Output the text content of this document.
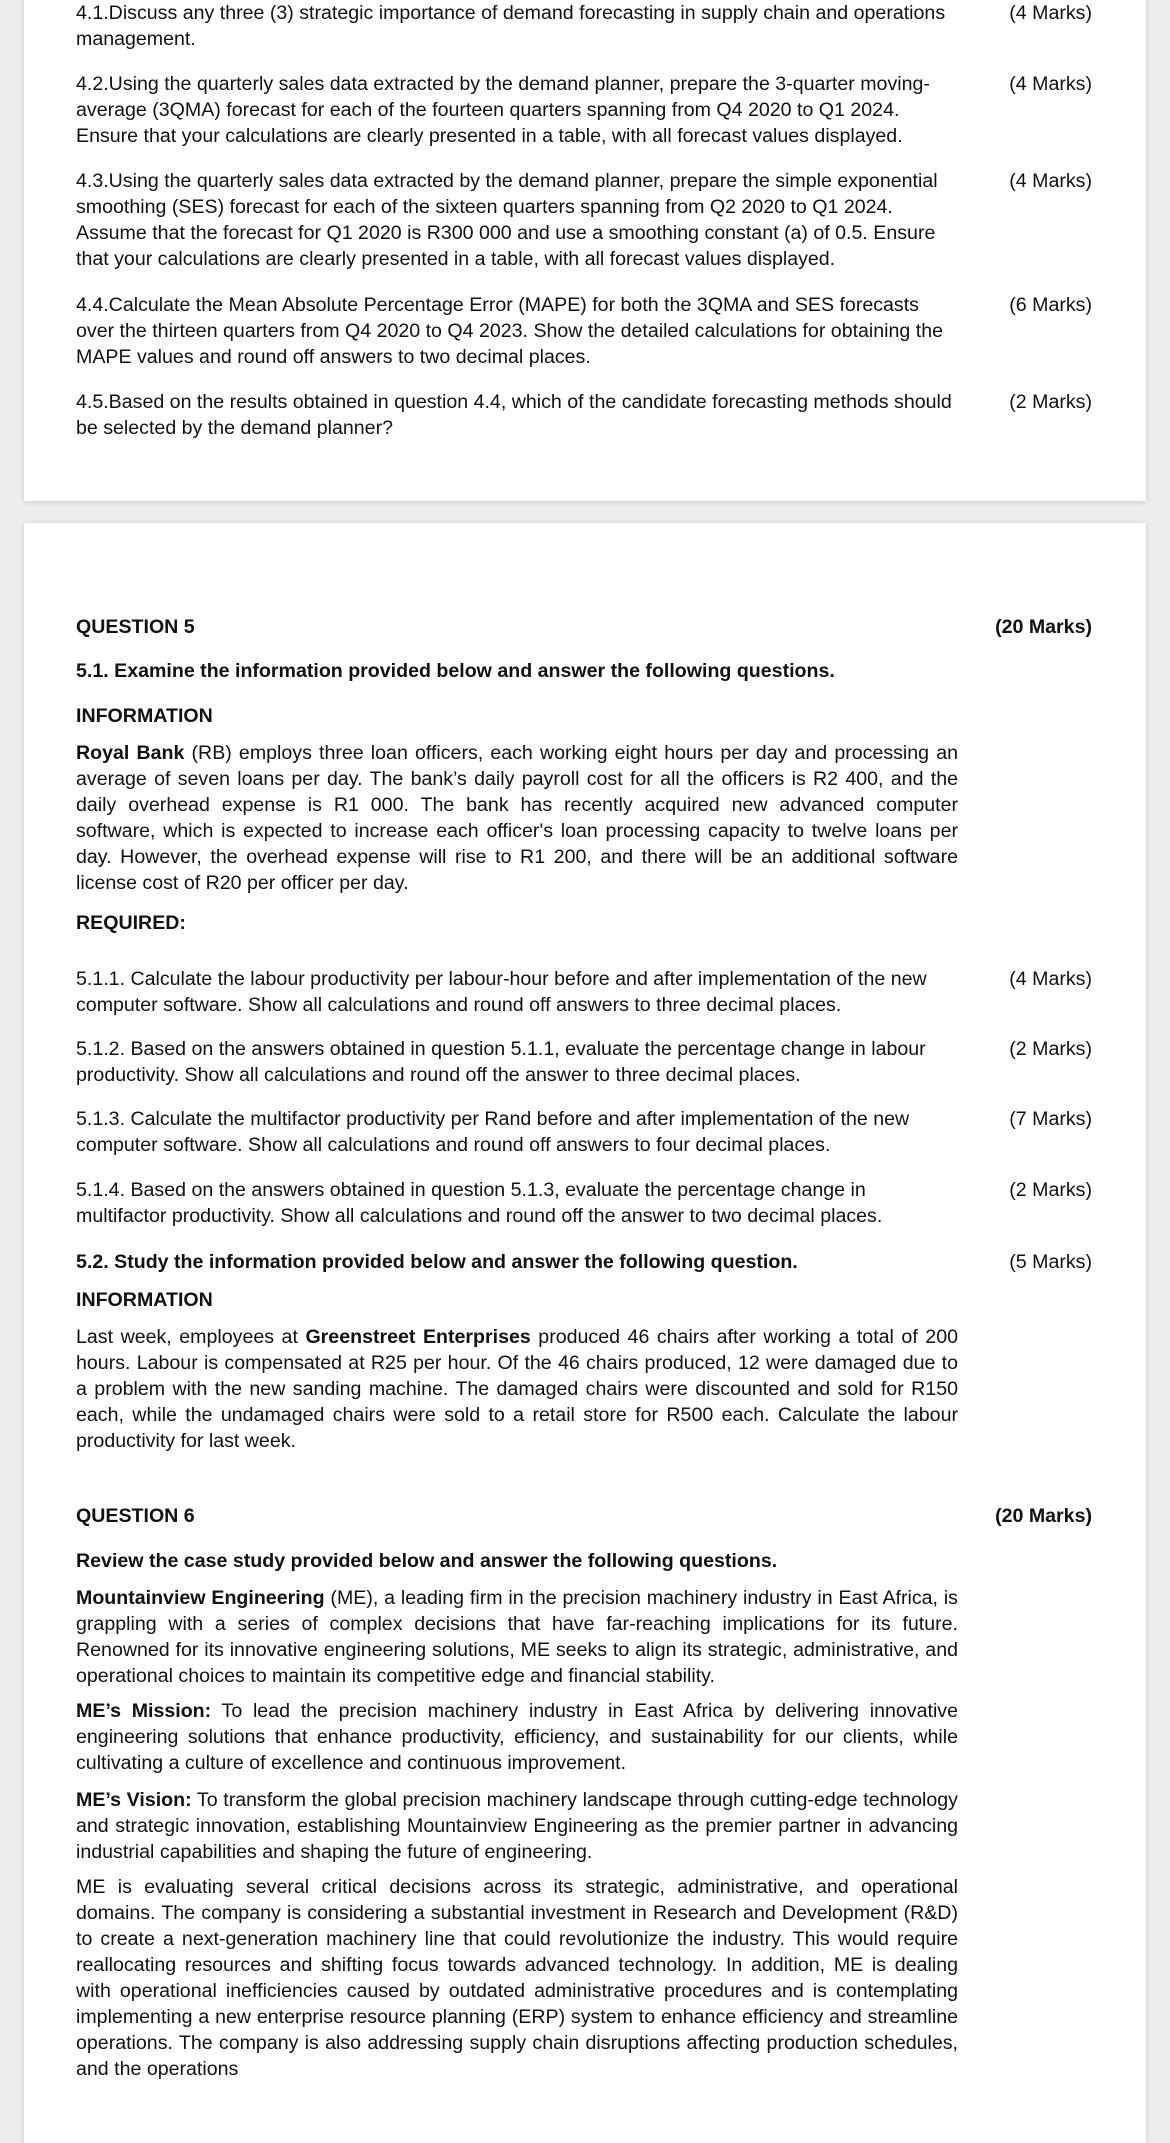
4.1.Discuss any three (3) strategic importance of demand forecasting in supply chain and operations management.
(4 Marks)
4.2.Using the quarterly sales data extracted by the demand planner, prepare the 3-quarter moving-average (3QMA) forecast for each of the fourteen quarters spanning from Q4 2020 to Q1 2024. Ensure that your calculations are clearly presented in a table, with all forecast values displayed.
(4 Marks)
4.3.Using the quarterly sales data extracted by the demand planner, prepare the simple exponential smoothing (SES) forecast for each of the sixteen quarters spanning from Q2 2020 to Q1 2024. Assume that the forecast for Q1 2020 is R300 000 and use a smoothing constant (a) of 0.5. Ensure that your calculations are clearly presented in a table, with all forecast values displayed.
(4 Marks)
4.4.Calculate the Mean Absolute Percentage Error (MAPE) for both the 3QMA and SES forecasts over the thirteen quarters from Q4 2020 to Q4 2023. Show the detailed calculations for obtaining the MAPE values and round off answers to two decimal places.
(6 Marks)
4.5.Based on the results obtained in question 4.4, which of the candidate forecasting methods should be selected by the demand planner?
(2 Marks)
QUESTION 5	(20 Marks)
5.1. Examine the information provided below and answer the following questions.
INFORMATION
Royal Bank (RB) employs three loan officers, each working eight hours per day and processing an average of seven loans per day. The bank’s daily payroll cost for all the officers is R2 400, and the daily overhead expense is R1 000. The bank has recently acquired new advanced computer software, which is expected to increase each officer's loan processing capacity to twelve loans per day. However, the overhead expense will rise to R1 200, and there will be an additional software license cost of R20 per officer per day.
REQUIRED:
5.1.1. Calculate the labour productivity per labour-hour before and after implementation of the new computer software. Show all calculations and round off answers to three decimal places.
(4 Marks)
5.1.2. Based on the answers obtained in question 5.1.1, evaluate the percentage change in labour productivity. Show all calculations and round off the answer to three decimal places.
(2 Marks)
5.1.3. Calculate the multifactor productivity per Rand before and after implementation of the new computer software. Show all calculations and round off answers to four decimal places.
(7 Marks)
5.1.4. Based on the answers obtained in question 5.1.3, evaluate the percentage change in multifactor productivity. Show all calculations and round off the answer to two decimal places.
(2 Marks)
5.2. Study the information provided below and answer the following question.	(5 Marks)
INFORMATION
Last week, employees at Greenstreet Enterprises produced 46 chairs after working a total of 200 hours. Labour is compensated at R25 per hour. Of the 46 chairs produced, 12 were damaged due to a problem with the new sanding machine. The damaged chairs were discounted and sold for R150 each, while the undamaged chairs were sold to a retail store for R500 each. Calculate the labour productivity for last week.
QUESTION 6	(20 Marks)
Review the case study provided below and answer the following questions.
Mountainview Engineering (ME), a leading firm in the precision machinery industry in East Africa, is grappling with a series of complex decisions that have far-reaching implications for its future. Renowned for its innovative engineering solutions, ME seeks to align its strategic, administrative, and operational choices to maintain its competitive edge and financial stability.
ME’s Mission: To lead the precision machinery industry in East Africa by delivering innovative engineering solutions that enhance productivity, efficiency, and sustainability for our clients, while cultivating a culture of excellence and continuous improvement.
ME’s Vision: To transform the global precision machinery landscape through cutting-edge technology and strategic innovation, establishing Mountainview Engineering as the premier partner in advancing industrial capabilities and shaping the future of engineering.
ME is evaluating several critical decisions across its strategic, administrative, and operational domains. The company is considering a substantial investment in Research and Development (R&D) to create a next-generation machinery line that could revolutionize the industry. This would require reallocating resources and shifting focus towards advanced technology. In addition, ME is dealing with operational inefficiencies caused by outdated administrative procedures and is contemplating implementing a new enterprise resource planning (ERP) system to enhance efficiency and streamline operations. The company is also addressing supply chain disruptions affecting production schedules, and the operations
